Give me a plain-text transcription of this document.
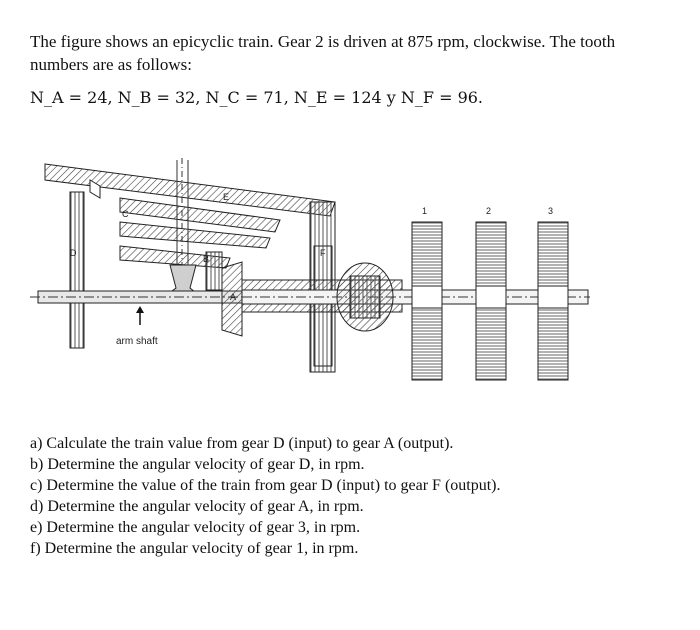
The figure shows an epicyclic train. Gear 2 is driven at 875 rpm, clockwise. The tooth numbers are as follows:
N_A = 24, N_B = 32, N_C = 71, N_E = 124 y N_F = 96.
C
E
D
B
F
A
1	2	3
arm shaft
a) Calculate the train value from gear D (input) to gear A (output).
b) Determine the angular velocity of gear D, in rpm.
c) Determine the value of the train from gear D (input) to gear F (output).
d) Determine the angular velocity of gear A, in rpm.
e) Determine the angular velocity of gear 3, in rpm.
f) Determine the angular velocity of gear 1, in rpm.
